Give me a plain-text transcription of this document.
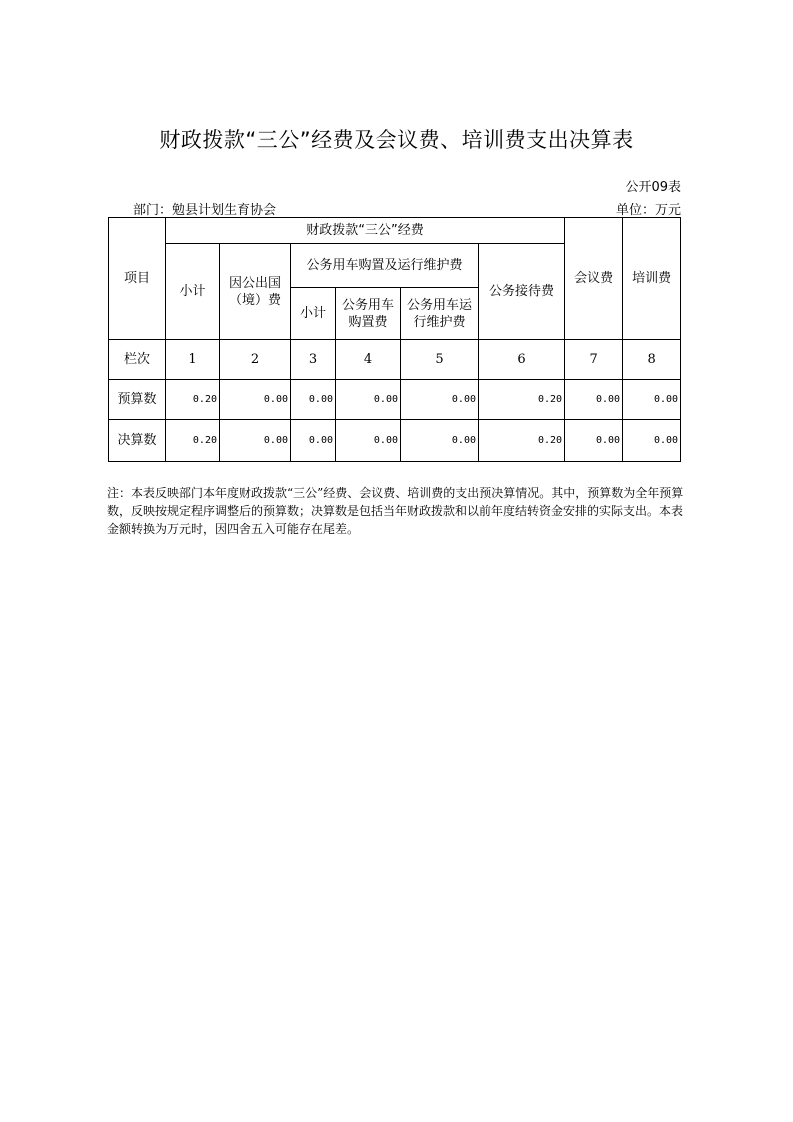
财政拨款“三公”经费及会议费、培训费支出决算表
公开09表
部门：勉县计划生育协会	单位：万元
项目	财政拨款“三公”经费						会议费	培训费
	小计	因公出国（境）费	公务用车购置及运行维护费			公务接待费		
			小计	公务用车购置费	公务用车运行维护费			
栏次	1	2	3	4	5	6	7	8
预算数	0.20	0.00	0.00	0.00	0.00	0.20	0.00	0.00
决算数	0.20	0.00	0.00	0.00	0.00	0.20	0.00	0.00
注：本表反映部门本年度财政拨款“三公”经费、会议费、培训费的支出预决算情况。其中，预算数为全年预算数，反映按规定程序调整后的预算数；决算数是包括当年财政拨款和以前年度结转资金安排的实际支出。本表金额转换为万元时，因四舍五入可能存在尾差。
